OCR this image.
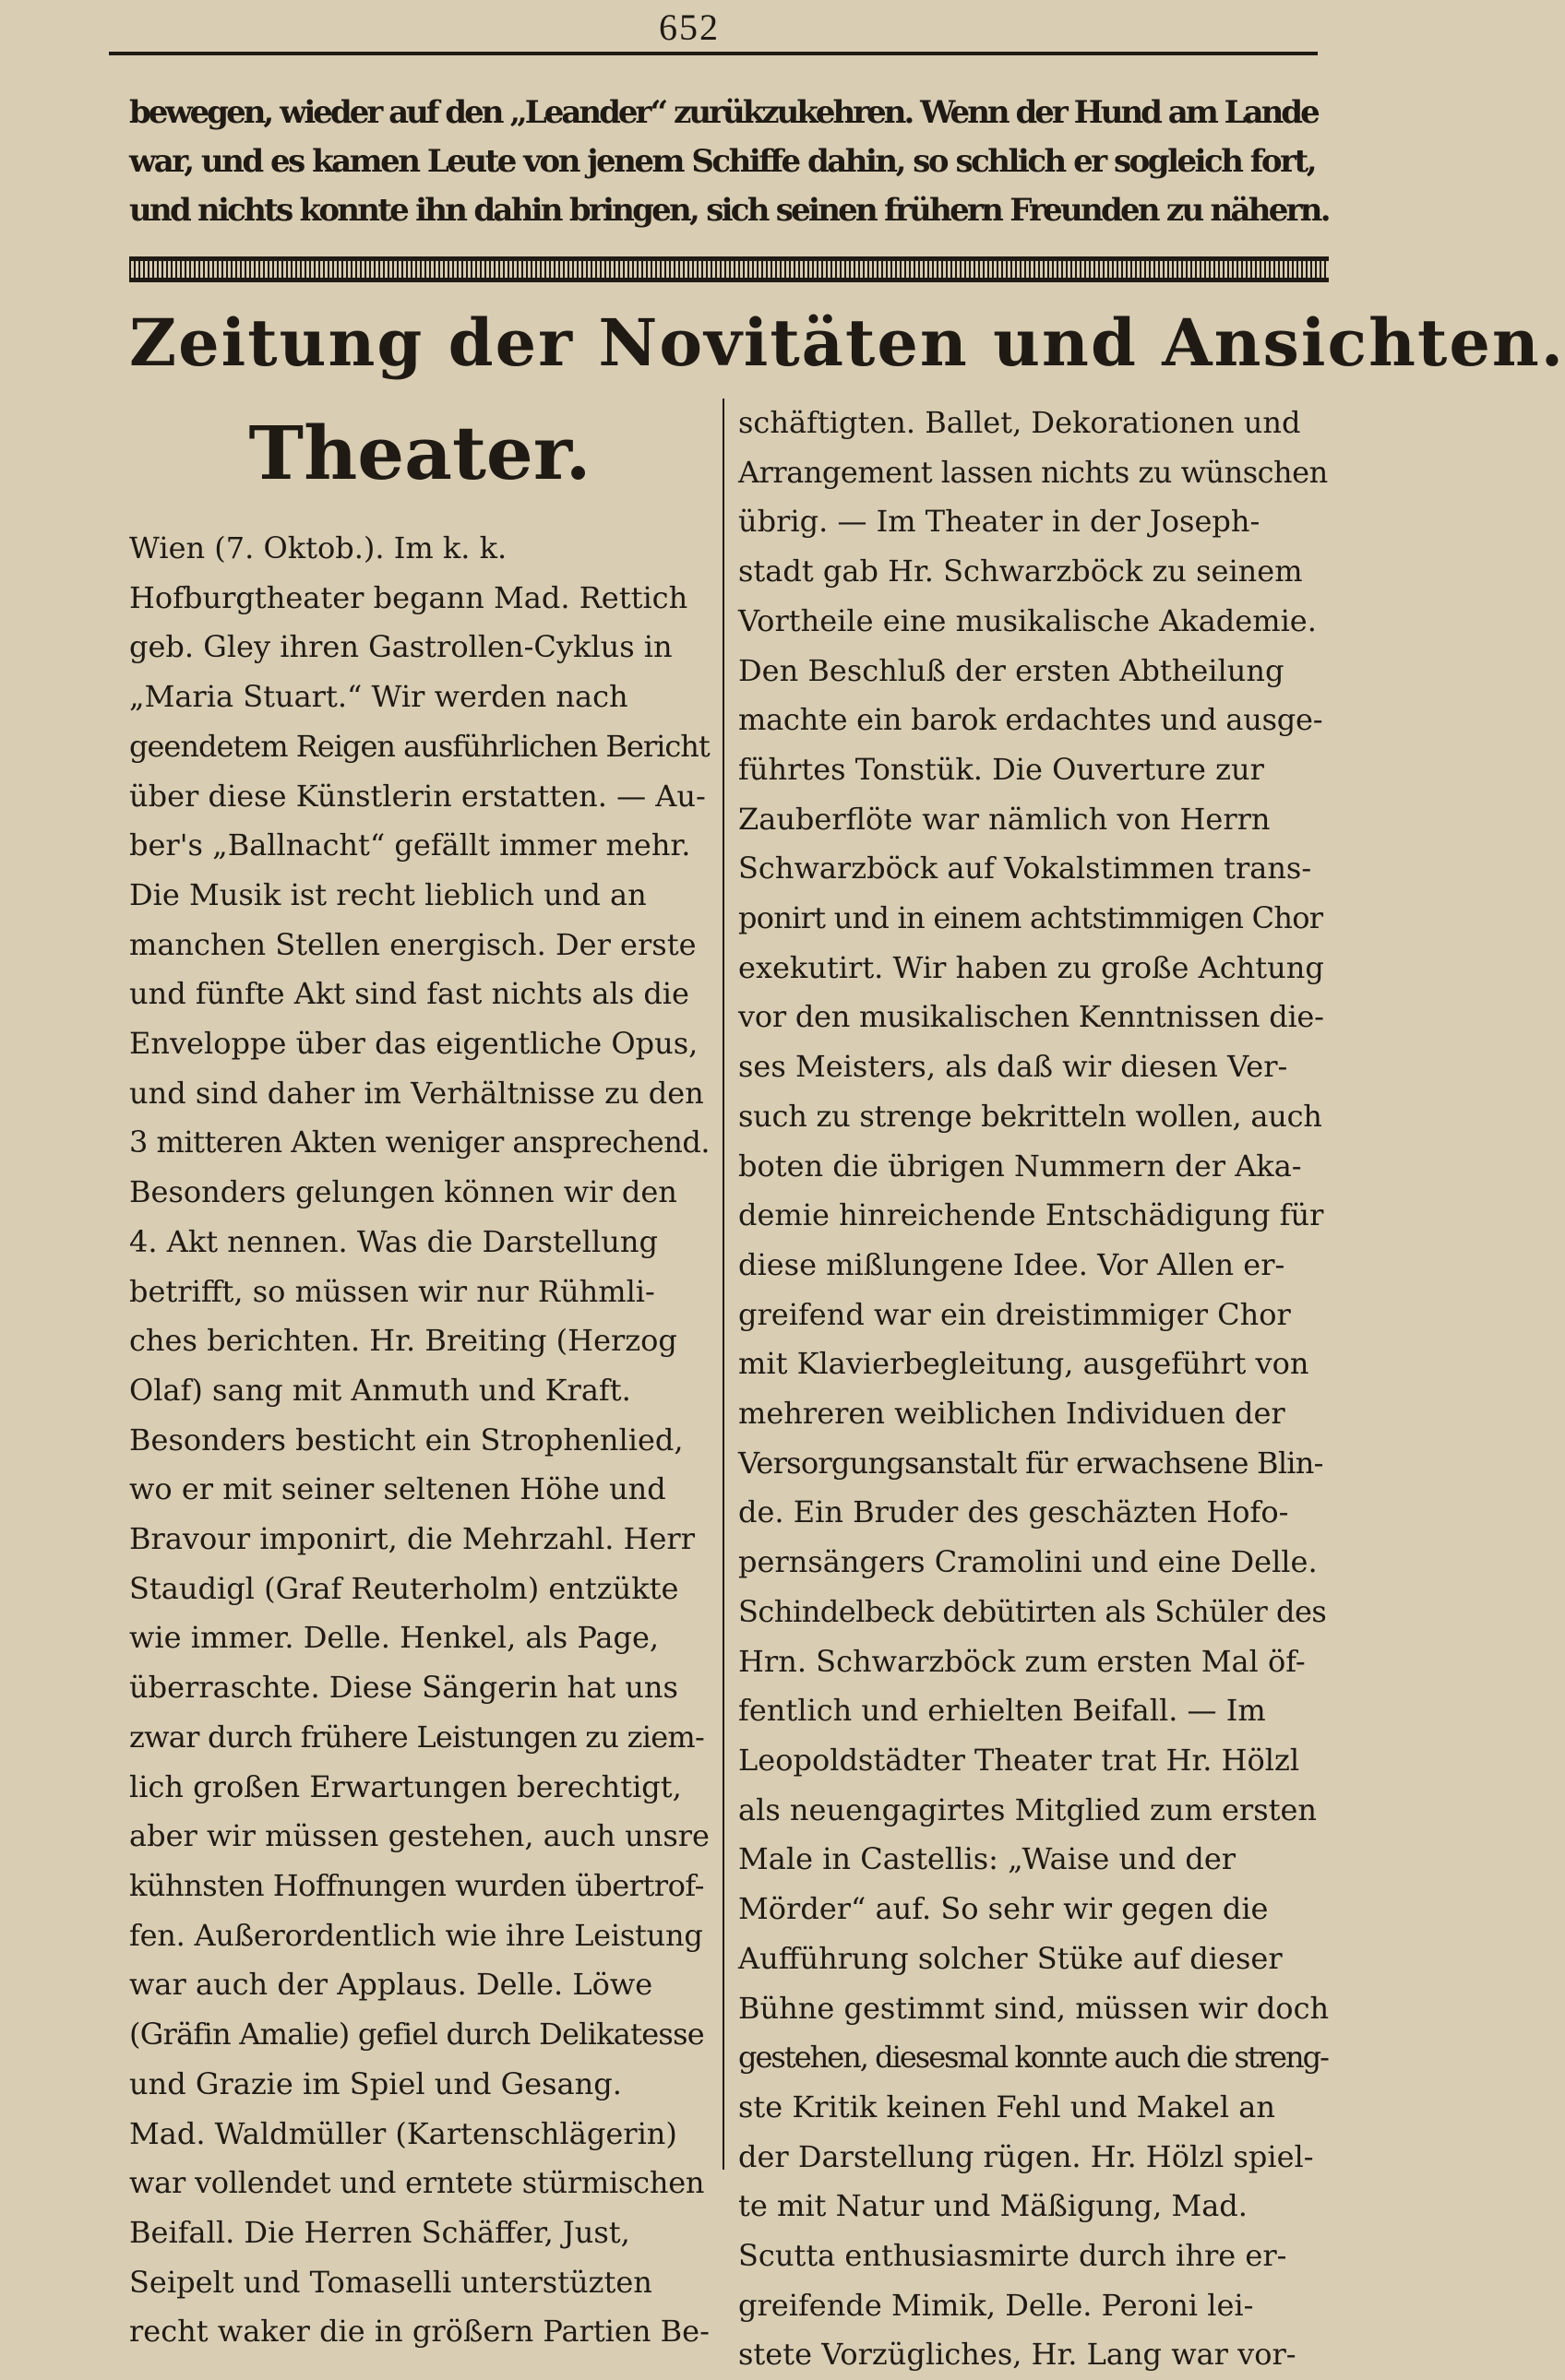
652
bewegen, wieder auf den „Leander“ zurükzukehren. Wenn der Hund am Lande
war, und es kamen Leute von jenem Schiffe dahin, so schlich er sogleich fort,
und nichts konnte ihn dahin bringen, sich seinen frühern Freunden zu nähern.
Zeitung der Novitäten und Ansichten.
Theater.
Wien (7. Oktob.). Im k. k.
Hofburgtheater begann Mad. Rettich
geb. Gley ihren Gastrollen-Cyklus in
„Maria Stuart.“ Wir werden nach
geendetem Reigen ausführlichen Bericht
über diese Künstlerin erstatten. — Au-
ber's „Ballnacht“ gefällt immer mehr.
Die Musik ist recht lieblich und an
manchen Stellen energisch. Der erste
und fünfte Akt sind fast nichts als die
Enveloppe über das eigentliche Opus,
und sind daher im Verhältnisse zu den
3 mitteren Akten weniger ansprechend.
Besonders gelungen können wir den
4. Akt nennen. Was die Darstellung
betrifft, so müssen wir nur Rühmli-
ches berichten. Hr. Breiting (Herzog
Olaf) sang mit Anmuth und Kraft.
Besonders besticht ein Strophenlied,
wo er mit seiner seltenen Höhe und
Bravour imponirt, die Mehrzahl. Herr
Staudigl (Graf Reuterholm) entzükte
wie immer. Delle. Henkel, als Page,
überraschte. Diese Sängerin hat uns
zwar durch frühere Leistungen zu ziem-
lich großen Erwartungen berechtigt,
aber wir müssen gestehen, auch unsre
kühnsten Hoffnungen wurden übertrof-
fen. Außerordentlich wie ihre Leistung
war auch der Applaus. Delle. Löwe
(Gräfin Amalie) gefiel durch Delikatesse
und Grazie im Spiel und Gesang.
Mad. Waldmüller (Kartenschlägerin)
war vollendet und erntete stürmischen
Beifall. Die Herren Schäffer, Just,
Seipelt und Tomaselli unterstüzten
recht waker die in größern Partien Be-
schäftigten. Ballet, Dekorationen und
Arrangement lassen nichts zu wünschen
übrig. — Im Theater in der Joseph-
stadt gab Hr. Schwarzböck zu seinem
Vortheile eine musikalische Akademie.
Den Beschluß der ersten Abtheilung
machte ein barok erdachtes und ausge-
führtes Tonstük. Die Ouverture zur
Zauberflöte war nämlich von Herrn
Schwarzböck auf Vokalstimmen trans-
ponirt und in einem achtstimmigen Chor
exekutirt. Wir haben zu große Achtung
vor den musikalischen Kenntnissen die-
ses Meisters, als daß wir diesen Ver-
such zu strenge bekritteln wollen, auch
boten die übrigen Nummern der Aka-
demie hinreichende Entschädigung für
diese mißlungene Idee. Vor Allen er-
greifend war ein dreistimmiger Chor
mit Klavierbegleitung, ausgeführt von
mehreren weiblichen Individuen der
Versorgungsanstalt für erwachsene Blin-
de. Ein Bruder des geschäzten Hofo-
pernsängers Cramolini und eine Delle.
Schindelbeck debütirten als Schüler des
Hrn. Schwarzböck zum ersten Mal öf-
fentlich und erhielten Beifall. — Im
Leopoldstädter Theater trat Hr. Hölzl
als neuengagirtes Mitglied zum ersten
Male in Castellis: „Waise und der
Mörder“ auf. So sehr wir gegen die
Aufführung solcher Stüke auf dieser
Bühne gestimmt sind, müssen wir doch
gestehen, diesesmal konnte auch die streng-
ste Kritik keinen Fehl und Makel an
der Darstellung rügen. Hr. Hölzl spiel-
te mit Natur und Mäßigung, Mad.
Scutta enthusiasmirte durch ihre er-
greifende Mimik, Delle. Peroni lei-
stete Vorzügliches, Hr. Lang war vor-
